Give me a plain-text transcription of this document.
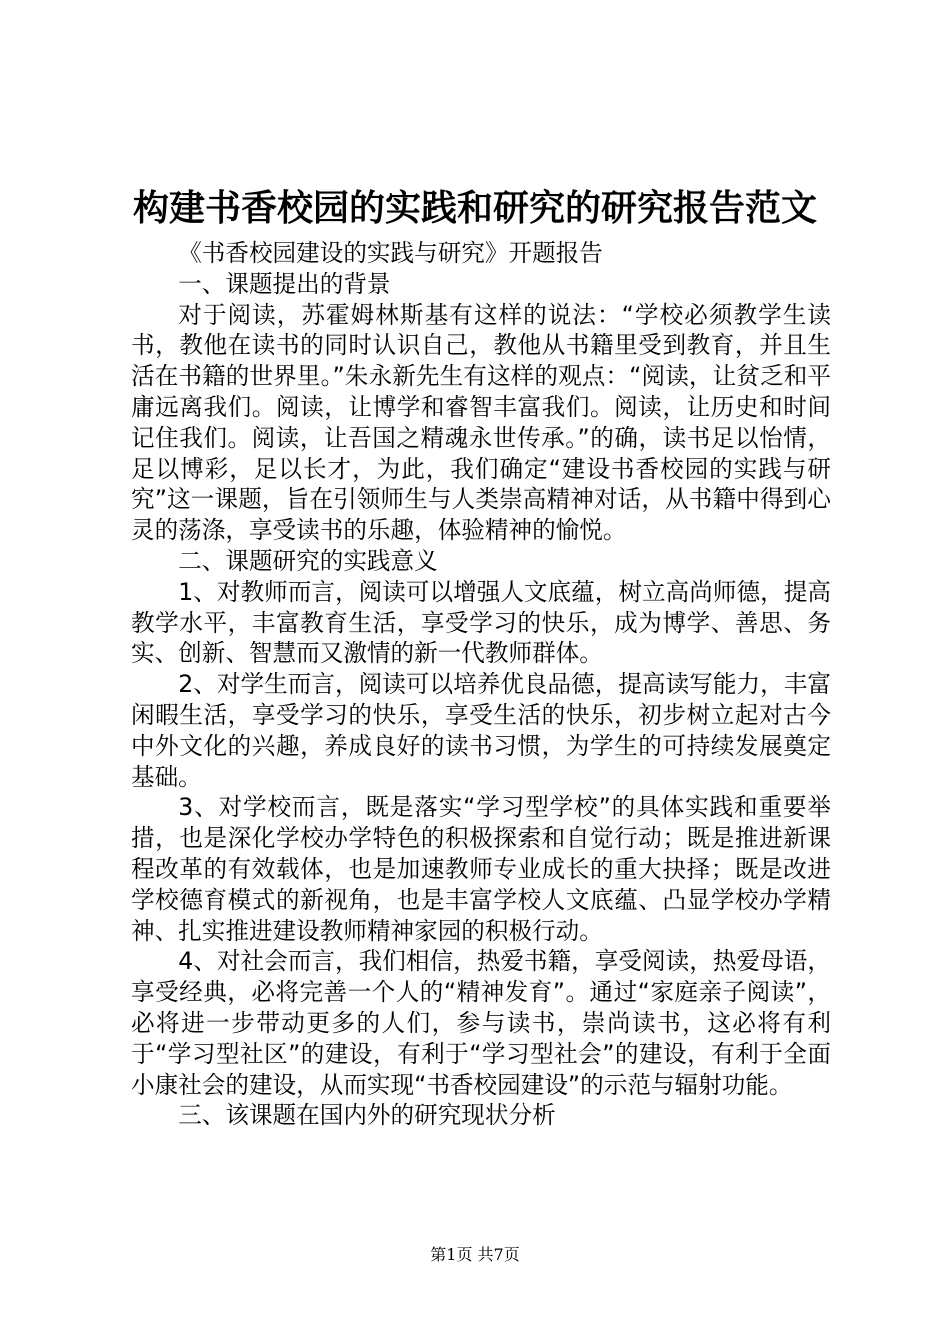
构建书香校园的实践和研究的研究报告范文

《书香校园建设的实践与研究》开题报告

一、课题提出的背景

对于阅读，苏霍姆林斯基有这样的说法：“学校必须教学生读书，教他在读书的同时认识自己，教他从书籍里受到教育，并且生活在书籍的世界里。”朱永新先生有这样的观点：“阅读，让贫乏和平庸远离我们。阅读，让博学和睿智丰富我们。阅读，让历史和时间记住我们。阅读，让吾国之精魂永世传承。”的确，读书足以怡情，足以博彩，足以长才，为此，我们确定“建设书香校园的实践与研究”这一课题，旨在引领师生与人类崇高精神对话，从书籍中得到心灵的荡涤，享受读书的乐趣，体验精神的愉悦。

二、课题研究的实践意义

1、对教师而言，阅读可以增强人文底蕴，树立高尚师德，提高教学水平，丰富教育生活，享受学习的快乐，成为博学、善思、务实、创新、智慧而又激情的新一代教师群体。

2、对学生而言，阅读可以培养优良品德，提高读写能力，丰富闲暇生活，享受学习的快乐，享受生活的快乐，初步树立起对古今中外文化的兴趣，养成良好的读书习惯，为学生的可持续发展奠定基础。

3、对学校而言，既是落实“学习型学校”的具体实践和重要举措，也是深化学校办学特色的积极探索和自觉行动；既是推进新课程改革的有效载体，也是加速教师专业成长的重大抉择；既是改进学校德育模式的新视角，也是丰富学校人文底蕴、凸显学校办学精神、扎实推进建设教师精神家园的积极行动。

4、对社会而言，我们相信，热爱书籍，享受阅读，热爱母语，享受经典，必将完善一个人的“精神发育”。通过“家庭亲子阅读”，必将进一步带动更多的人们，参与读书，崇尚读书，这必将有利于“学习型社区”的建设，有利于“学习型社会”的建设，有利于全面小康社会的建设，从而实现“书香校园建设”的示范与辐射功能。

三、该课题在国内外的研究现状分析

第1页 共7页
